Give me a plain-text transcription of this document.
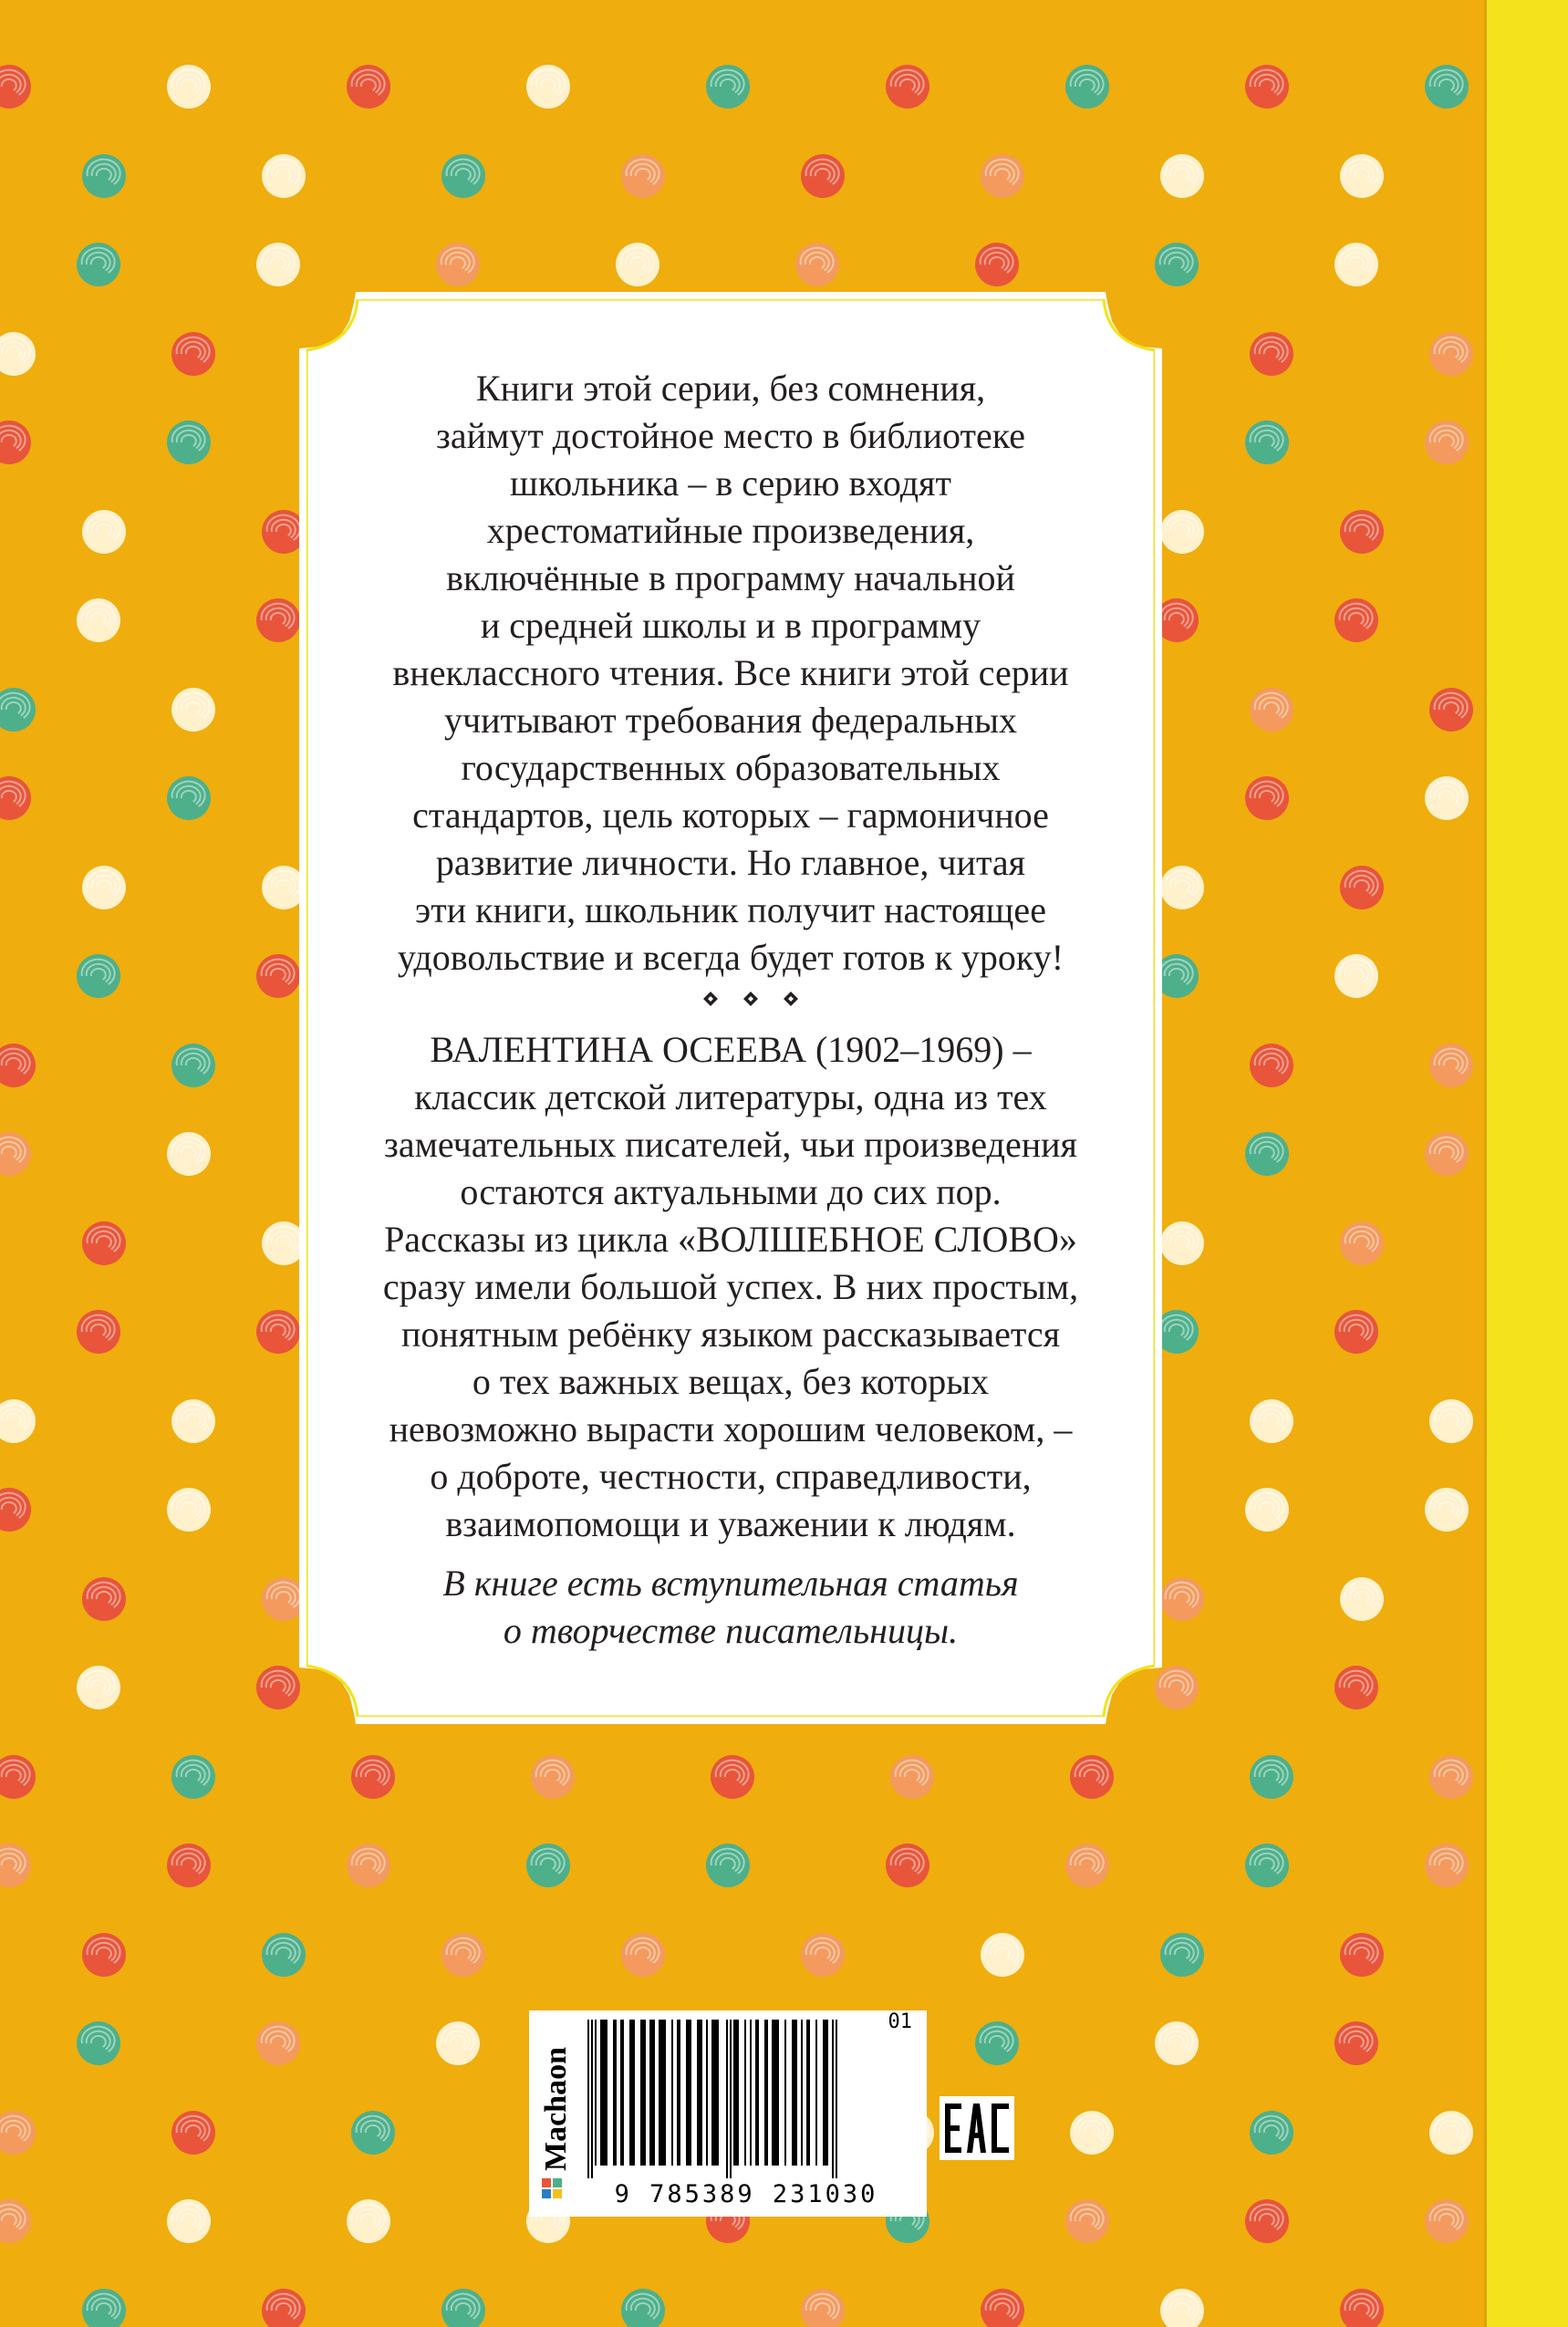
Книги этой серии, без сомнения,
займут достойное место в библиотеке
школьника – в серию входят
хрестоматийные произведения,
включённые в программу начальной
и средней школы и в программу
внеклассного чтения. Все книги этой серии
учитывают требования федеральных
государственных образовательных
стандартов, цель которых – гармоничное
развитие личности. Но главное, читая
эти книги, школьник получит настоящее
удовольствие и всегда будет готов к уроку!
ВАЛЕНТИНА ОСЕЕВА (1902–1969) –
классик детской литературы, одна из тех
замечательных писателей, чьи произведения
остаются актуальными до сих пор.
Рассказы из цикла «ВОЛШЕБНОЕ СЛОВО»
сразу имели большой успех. В них простым,
понятным ребёнку языком рассказывается
о тех важных вещах, без которых
невозможно вырасти хорошим человеком, –
о доброте, честности, справедливости,
взаимопомощи и уважении к людям.
В книге есть вступительная статья
о творчестве писательницы.
Machaon
9 785389 231030
01
